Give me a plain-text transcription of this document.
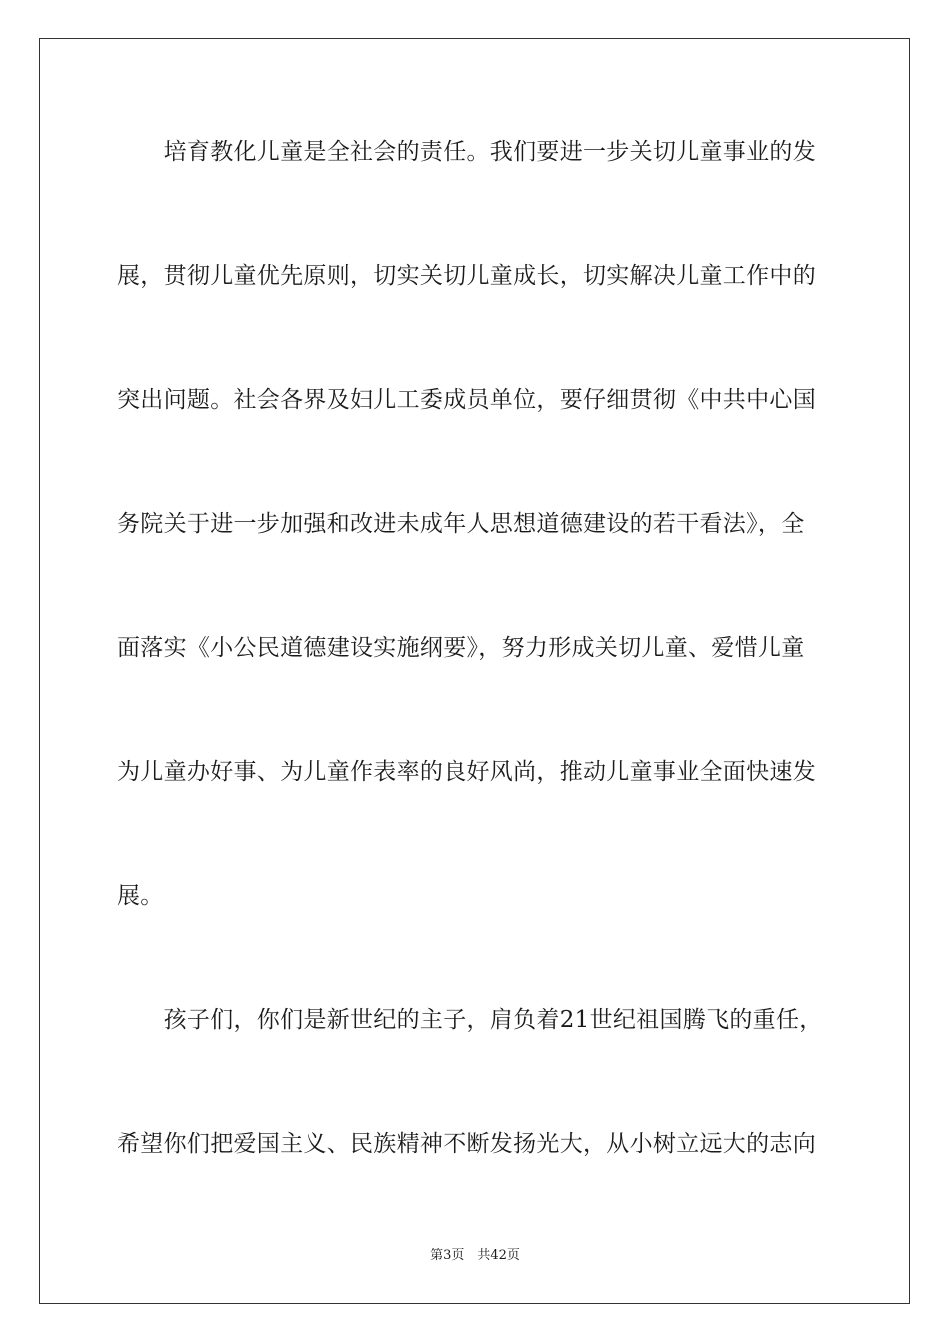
　　培育教化儿童是全社会的责任。我们要进一步关切儿童事业的发
展，贯彻儿童优先原则，切实关切儿童成长，切实解决儿童工作中的
突出问题。社会各界及妇儿工委成员单位，要仔细贯彻《中共中心国
务院关于进一步加强和改进未成年人思想道德建设的若干看法》，全
面落实《小公民道德建设实施纲要》，努力形成关切儿童、爱惜儿童
为儿童办好事、为儿童作表率的良好风尚，推动儿童事业全面快速发
展。
　　孩子们，你们是新世纪的主子，肩负着21世纪祖国腾飞的重任，
希望你们把爱国主义、民族精神不断发扬光大，从小树立远大的志向
第3页　共42页
